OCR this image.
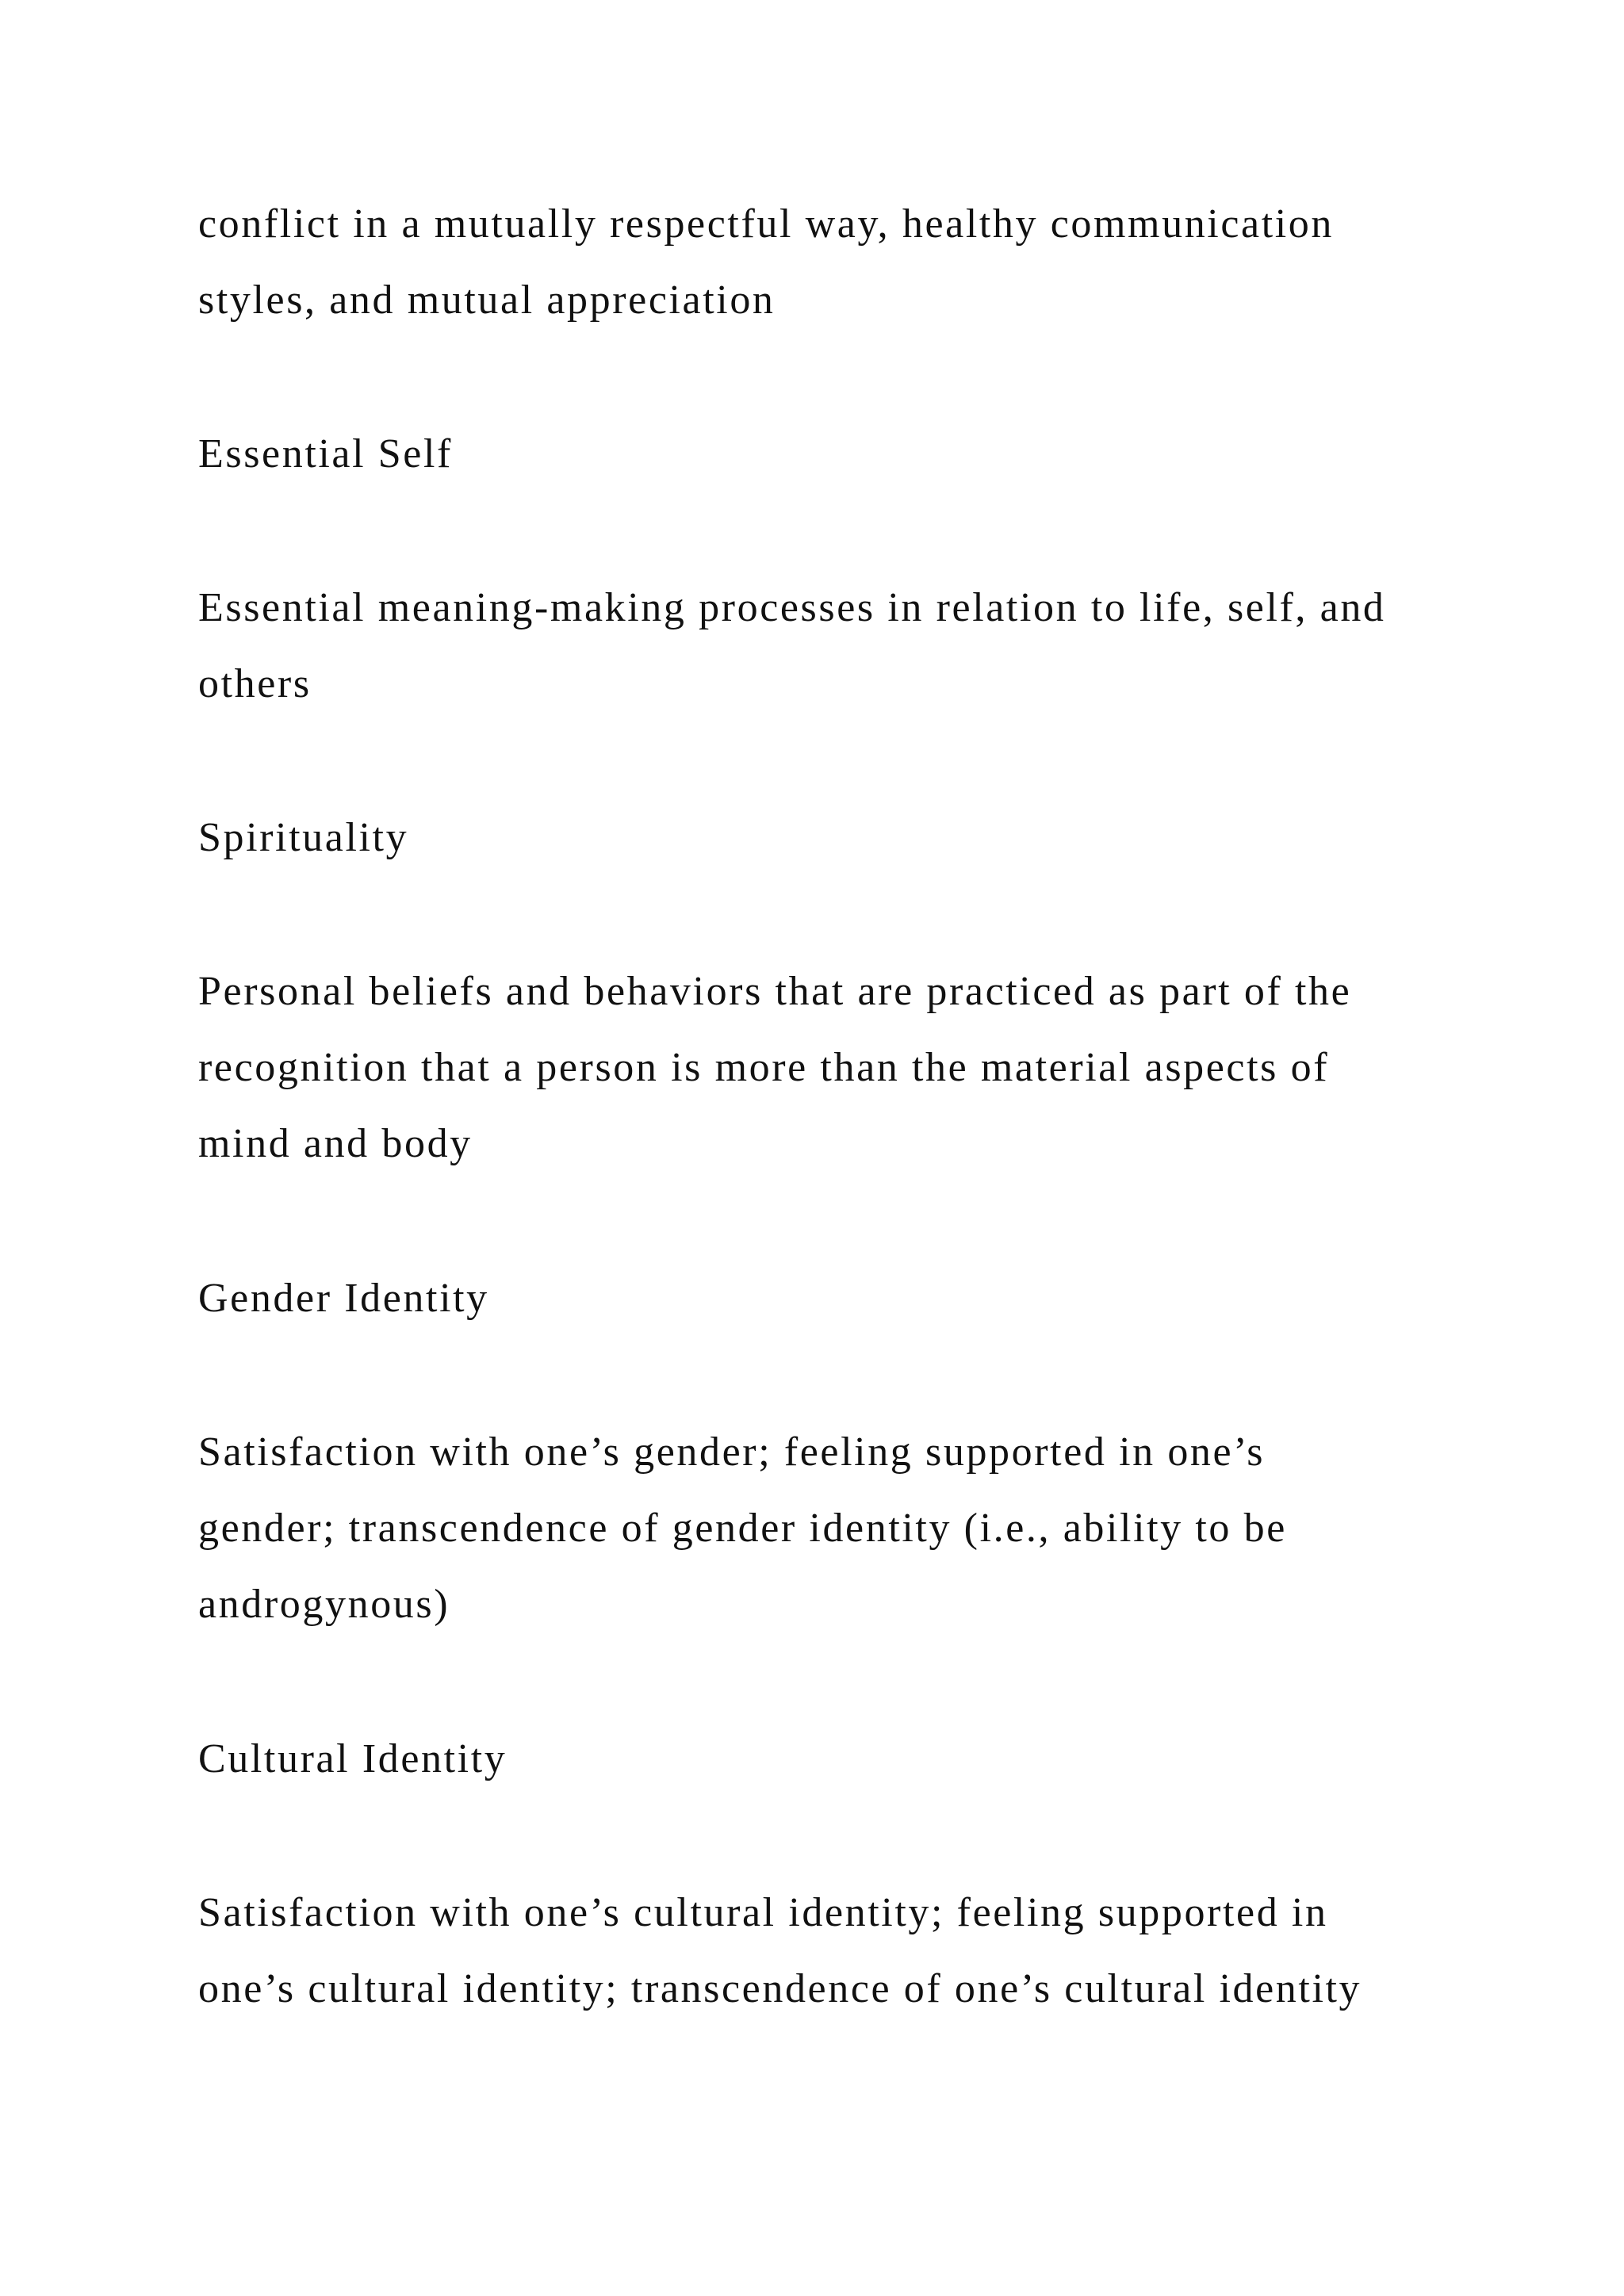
conflict in a mutually respectful way, healthy communication
styles, and mutual appreciation

Essential Self

Essential meaning-making processes in relation to life, self, and
others

Spirituality

Personal beliefs and behaviors that are practiced as part of the
recognition that a person is more than the material aspects of
mind and body

Gender Identity

Satisfaction with one’s gender; feeling supported in one’s
gender; transcendence of gender identity (i.e., ability to be
androgynous)

Cultural Identity

Satisfaction with one’s cultural identity; feeling supported in
one’s cultural identity; transcendence of one’s cultural identity
